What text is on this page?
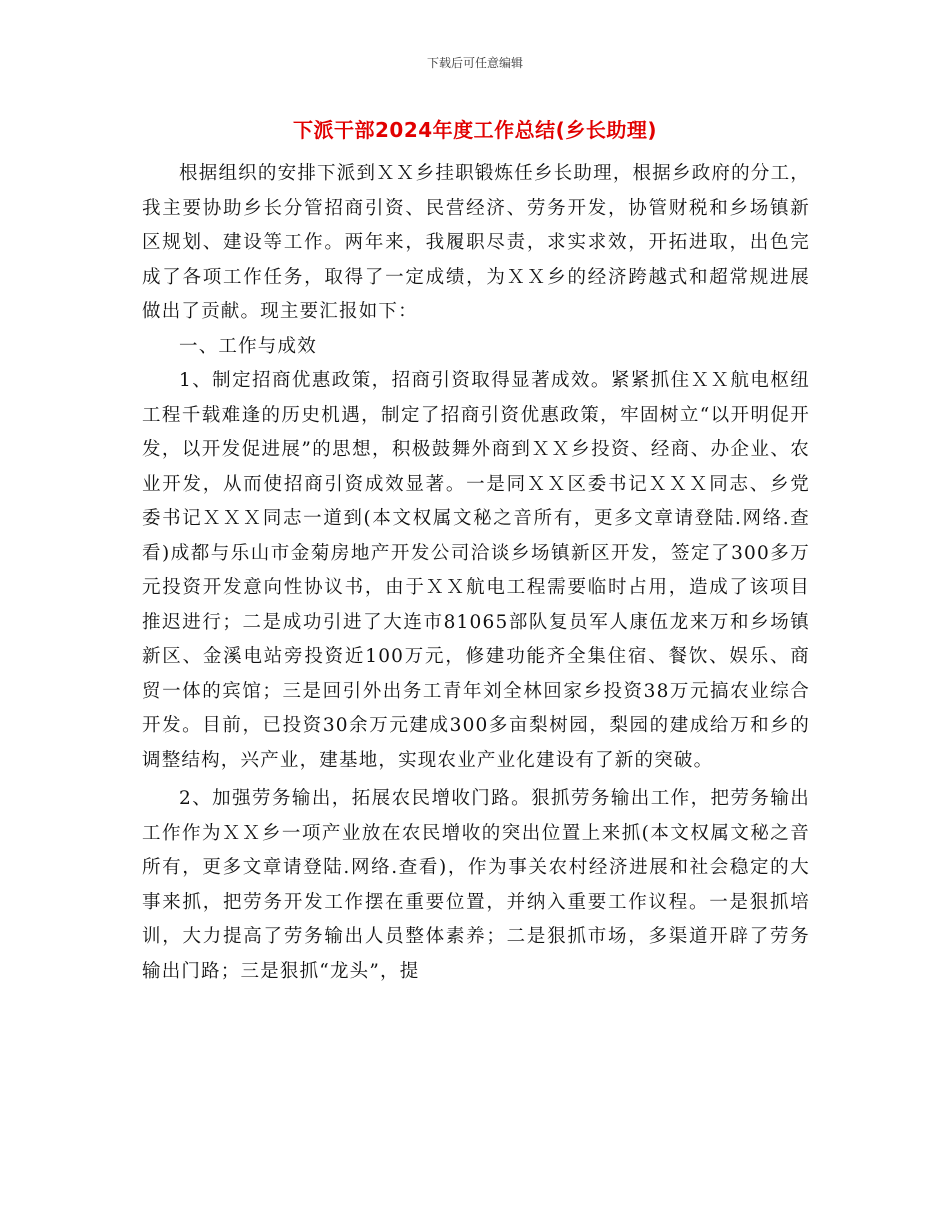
下载后可任意编辑
下派干部2024年度工作总结(乡长助理)

根据组织的安排下派到ＸＸ乡挂职锻炼任乡长助理，根据乡政府的分工，我主要协助乡长分管招商引资、民营经济、劳务开发，协管财税和乡场镇新区规划、建设等工作。两年来，我履职尽责，求实求效，开拓进取，出色完成了各项工作任务，取得了一定成绩，为ＸＸ乡的经济跨越式和超常规进展做出了贡献。现主要汇报如下：

一、工作与成效

1、制定招商优惠政策，招商引资取得显著成效。紧紧抓住ＸＸ航电枢纽工程千载难逢的历史机遇，制定了招商引资优惠政策，牢固树立“以开明促开发，以开发促进展”的思想，积极鼓舞外商到ＸＸ乡投资、经商、办企业、农业开发，从而使招商引资成效显著。一是同ＸＸ区委书记ＸＸＸ同志、乡党委书记ＸＸＸ同志一道到(本文权属文秘之音所有，更多文章请登陆.网络.查看)成都与乐山市金菊房地产开发公司洽谈乡场镇新区开发，签定了300多万元投资开发意向性协议书，由于ＸＸ航电工程需要临时占用，造成了该项目推迟进行；二是成功引进了大连市81065部队复员军人康伍龙来万和乡场镇新区、金溪电站旁投资近100万元，修建功能齐全集住宿、餐饮、娱乐、商贸一体的宾馆；三是回引外出务工青年刘全林回家乡投资38万元搞农业综合开发。目前，已投资30余万元建成300多亩梨树园，梨园的建成给万和乡的调整结构，兴产业，建基地，实现农业产业化建设有了新的突破。

2、加强劳务输出，拓展农民增收门路。狠抓劳务输出工作，把劳务输出工作作为ＸＸ乡一项产业放在农民增收的突出位置上来抓(本文权属文秘之音所有，更多文章请登陆.网络.查看)，作为事关农村经济进展和社会稳定的大事来抓，把劳务开发工作摆在重要位置，并纳入重要工作议程。一是狠抓培训，大力提高了劳务输出人员整体素养；二是狠抓市场，多渠道开辟了劳务输出门路；三是狠抓“龙头”，提
